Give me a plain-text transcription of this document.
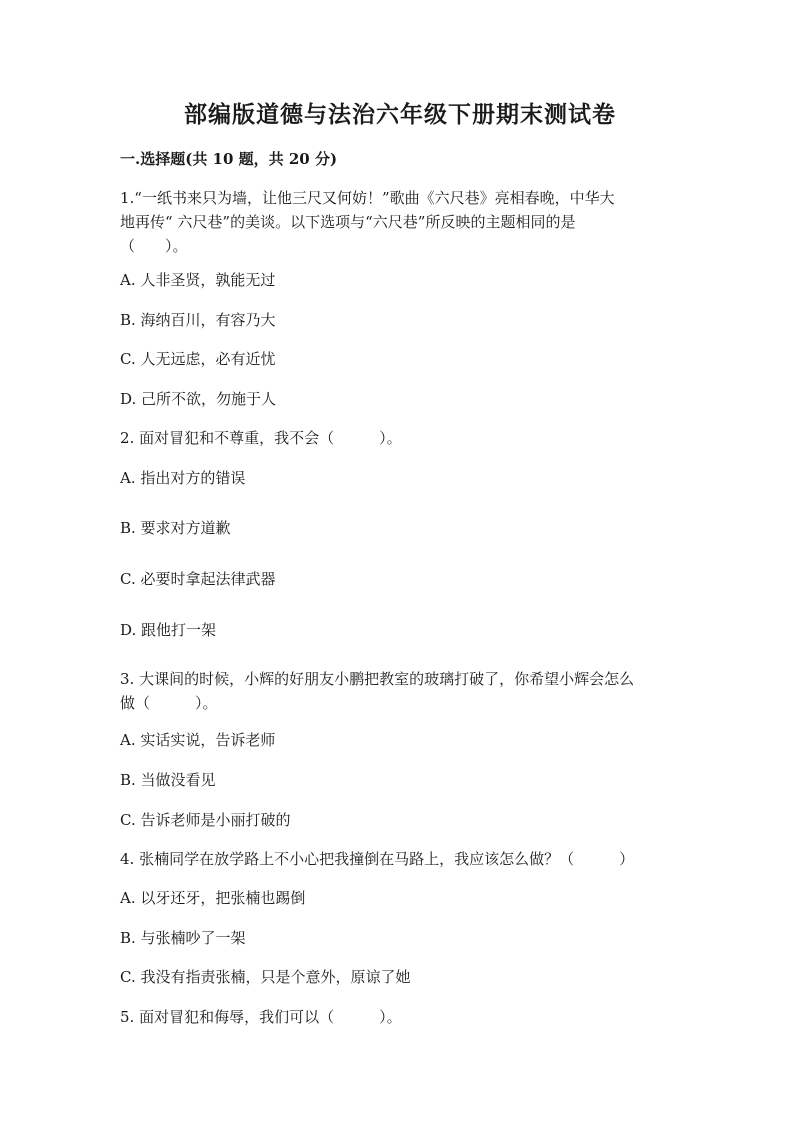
部编版道德与法治六年级下册期末测试卷
一.选择题(共 10 题，共 20 分)
1.“一纸书来只为墙，让他三尺又何妨！”歌曲《六尺巷》亮相春晚，中华大
地再传“ 六尺巷”的美谈。以下选项与“六尺巷”所反映的主题相同的是
（　　）。
A. 人非圣贤，孰能无过
B. 海纳百川，有容乃大
C. 人无远虑，必有近忧
D. 己所不欲，勿施于人
2. 面对冒犯和不尊重，我不会（　　　）。
A. 指出对方的错误
B. 要求对方道歉
C. 必要时拿起法律武器
D. 跟他打一架
3. 大课间的时候，小辉的好朋友小鹏把教室的玻璃打破了，你希望小辉会怎么
做（　　　）。
A. 实话实说，告诉老师
B. 当做没看见
C. 告诉老师是小丽打破的
4. 张楠同学在放学路上不小心把我撞倒在马路上，我应该怎么做？（　　　）
A. 以牙还牙，把张楠也踢倒
B. 与张楠吵了一架
C. 我没有指责张楠，只是个意外，原谅了她
5. 面对冒犯和侮辱，我们可以（　　　）。
